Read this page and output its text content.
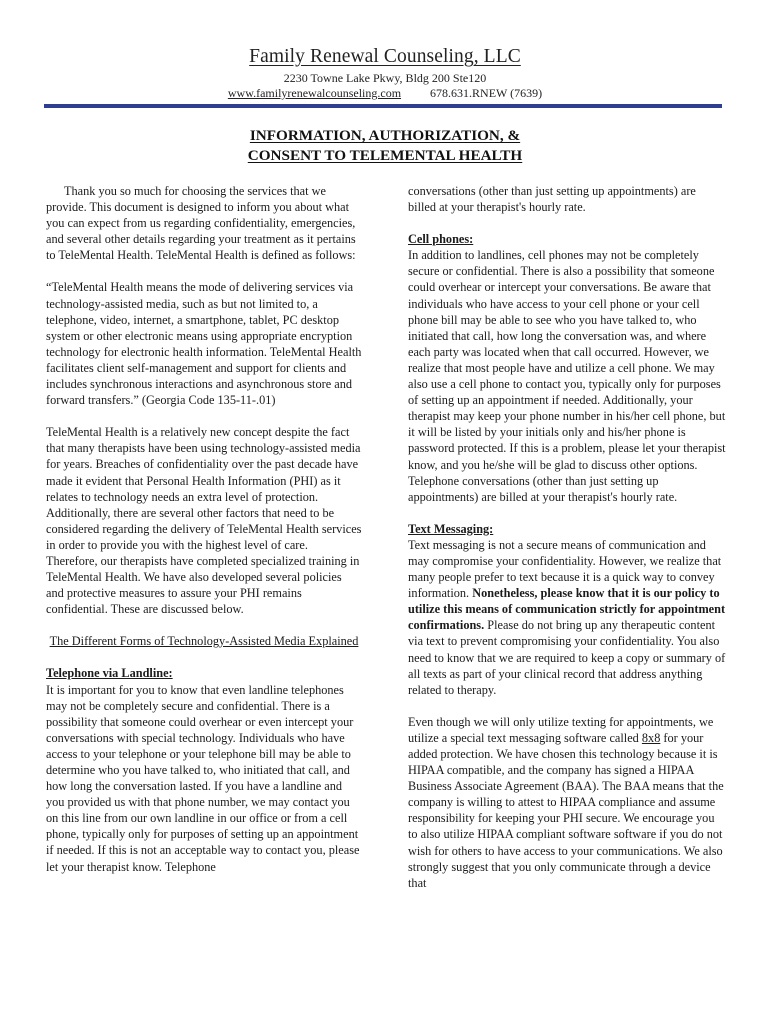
Family Renewal Counseling, LLC
2230 Towne Lake Pkwy, Bldg 200 Ste120
www.familyrenewalcounseling.com 678.631.RNEW (7639)
INFORMATION, AUTHORIZATION, &
CONSENT TO TELEMENTAL HEALTH

Thank you so much for choosing the services that we provide. This document is designed to inform you about what you can expect from us regarding confidentiality, emergencies, and several other details regarding your treatment as it pertains to TeleMental Health. TeleMental Health is defined as follows:

“TeleMental Health means the mode of delivering services via technology-assisted media, such as but not limited to, a telephone, video, internet, a smartphone, tablet, PC desktop system or other electronic means using appropriate encryption technology for electronic health information. TeleMental Health facilitates client self-management and support for clients and includes synchronous interactions and asynchronous store and forward transfers.” (Georgia Code 135-11-.01)

TeleMental Health is a relatively new concept despite the fact that many therapists have been using technology-assisted media for years. Breaches of confidentiality over the past decade have made it evident that Personal Health Information (PHI) as it relates to technology needs an extra level of protection. Additionally, there are several other factors that need to be considered regarding the delivery of TeleMental Health services in order to provide you with the highest level of care. Therefore, our therapists have completed specialized training in TeleMental Health. We have also developed several policies and protective measures to assure your PHI remains confidential. These are discussed below.

The Different Forms of Technology-Assisted Media Explained

Telephone via Landline:

It is important for you to know that even landline telephones may not be completely secure and confidential. There is a possibility that someone could overhear or even intercept your conversations with special technology. Individuals who have access to your telephone or your telephone bill may be able to determine who you have talked to, who initiated that call, and how long the conversation lasted. If you have a landline and you provided us with that phone number, we may contact you on this line from our own landline in our office or from a cell phone, typically only for purposes of setting up an appointment if needed. If this is not an acceptable way to contact you, please let your therapist know. Telephone

conversations (other than just setting up appointments) are billed at your therapist's hourly rate.

Cell phones:

In addition to landlines, cell phones may not be completely secure or confidential. There is also a possibility that someone could overhear or intercept your conversations. Be aware that individuals who have access to your cell phone or your cell phone bill may be able to see who you have talked to, who initiated that call, how long the conversation was, and where each party was located when that call occurred. However, we realize that most people have and utilize a cell phone. We may also use a cell phone to contact you, typically only for purposes of setting up an appointment if needed. Additionally, your therapist may keep your phone number in his/her cell phone, but it will be listed by your initials only and his/her phone is password protected. If this is a problem, please let your therapist know, and you he/she will be glad to discuss other options. Telephone conversations (other than just setting up appointments) are billed at your therapist's hourly rate.

Text Messaging:

Text messaging is not a secure means of communication and may compromise your confidentiality. However, we realize that many people prefer to text because it is a quick way to convey information. Nonetheless, please know that it is our policy to utilize this means of communication strictly for appointment confirmations. Please do not bring up any therapeutic content via text to prevent compromising your confidentiality. You also need to know that we are required to keep a copy or summary of all texts as part of your clinical record that address anything related to therapy.

Even though we will only utilize texting for appointments, we utilize a special text messaging software called 8x8 for your added protection. We have chosen this technology because it is HIPAA compatible, and the company has signed a HIPAA Business Associate Agreement (BAA). The BAA means that the company is willing to attest to HIPAA compliance and assume responsibility for keeping your PHI secure. We encourage you to also utilize HIPAA compliant software software if you do not wish for others to have access to your communications. We also strongly suggest that you only communicate through a device that
